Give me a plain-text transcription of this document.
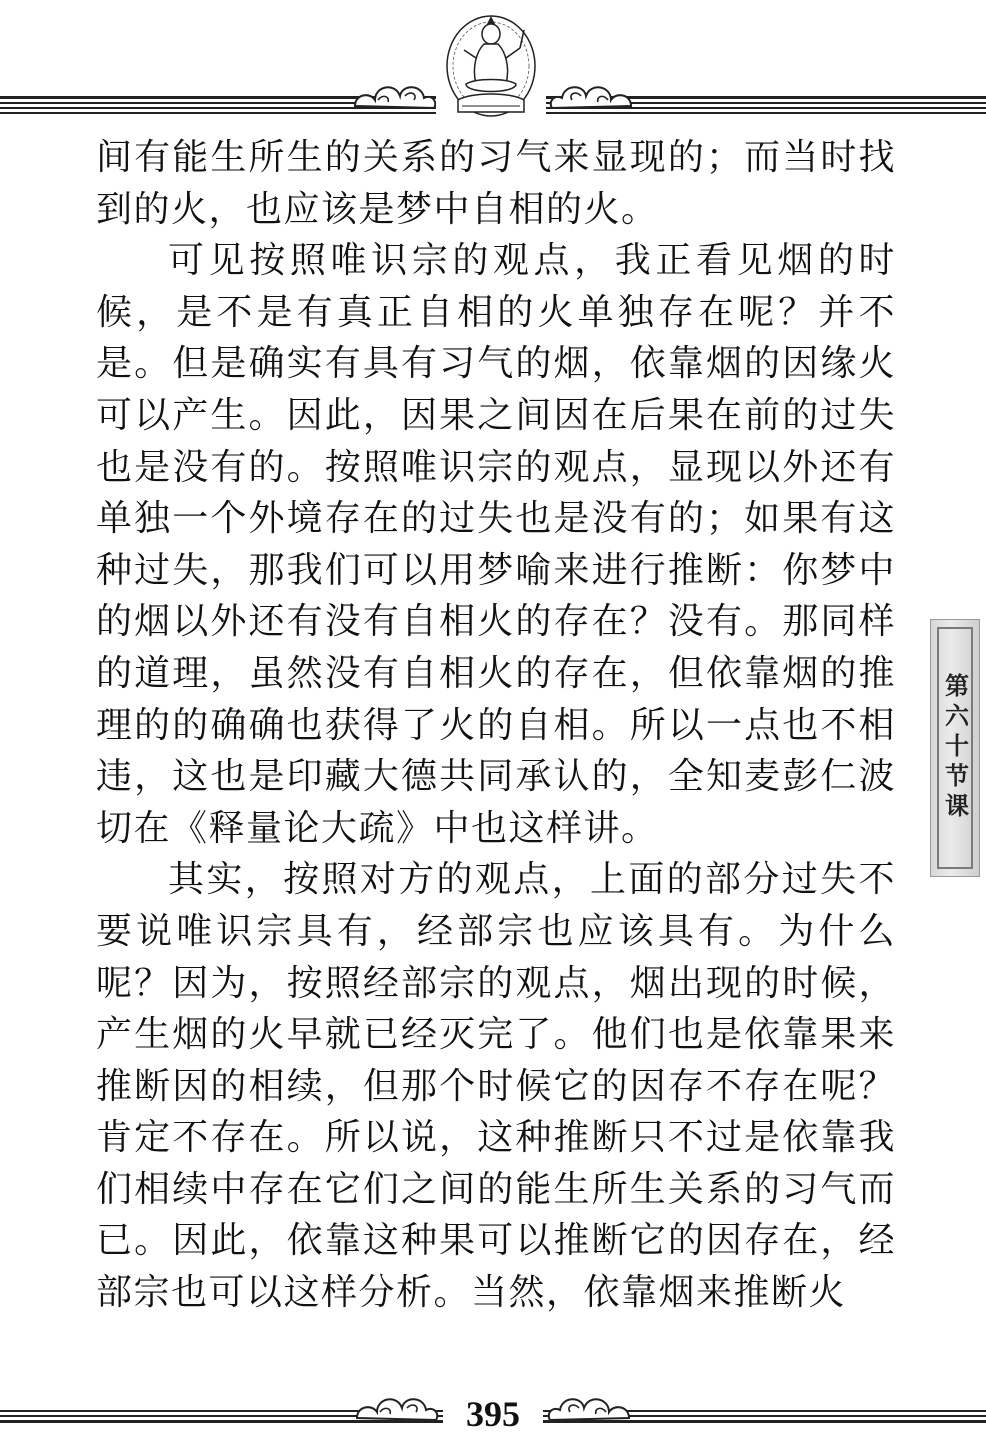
间有能生所生的关系的习气来显现的；而当时找到的火，也应该是梦中自相的火。

可见按照唯识宗的观点，我正看见烟的时候，是不是有真正自相的火单独存在呢？并不是。但是确实有具有习气的烟，依靠烟的因缘火可以产生。因此，因果之间因在后果在前的过失也是没有的。按照唯识宗的观点，显现以外还有单独一个外境存在的过失也是没有的；如果有这种过失，那我们可以用梦喻来进行推断：你梦中的烟以外还有没有自相火的存在？没有。那同样的道理，虽然没有自相火的存在，但依靠烟的推理的的确确也获得了火的自相。所以一点也不相违，这也是印藏大德共同承认的，全知麦彭仁波切在《释量论大疏》中也这样讲。

其实，按照对方的观点，上面的部分过失不要说唯识宗具有，经部宗也应该具有。为什么呢？因为，按照经部宗的观点，烟出现的时候，产生烟的火早就已经灭完了。他们也是依靠果来推断因的相续，但那个时候它的因存不存在呢？肯定不存在。所以说，这种推断只不过是依靠我们相续中存在它们之间的能生所生关系的习气而已。因此，依靠这种果可以推断它的因存在，经部宗也可以这样分析。当然，依靠烟来推断火

第六十节课
395
